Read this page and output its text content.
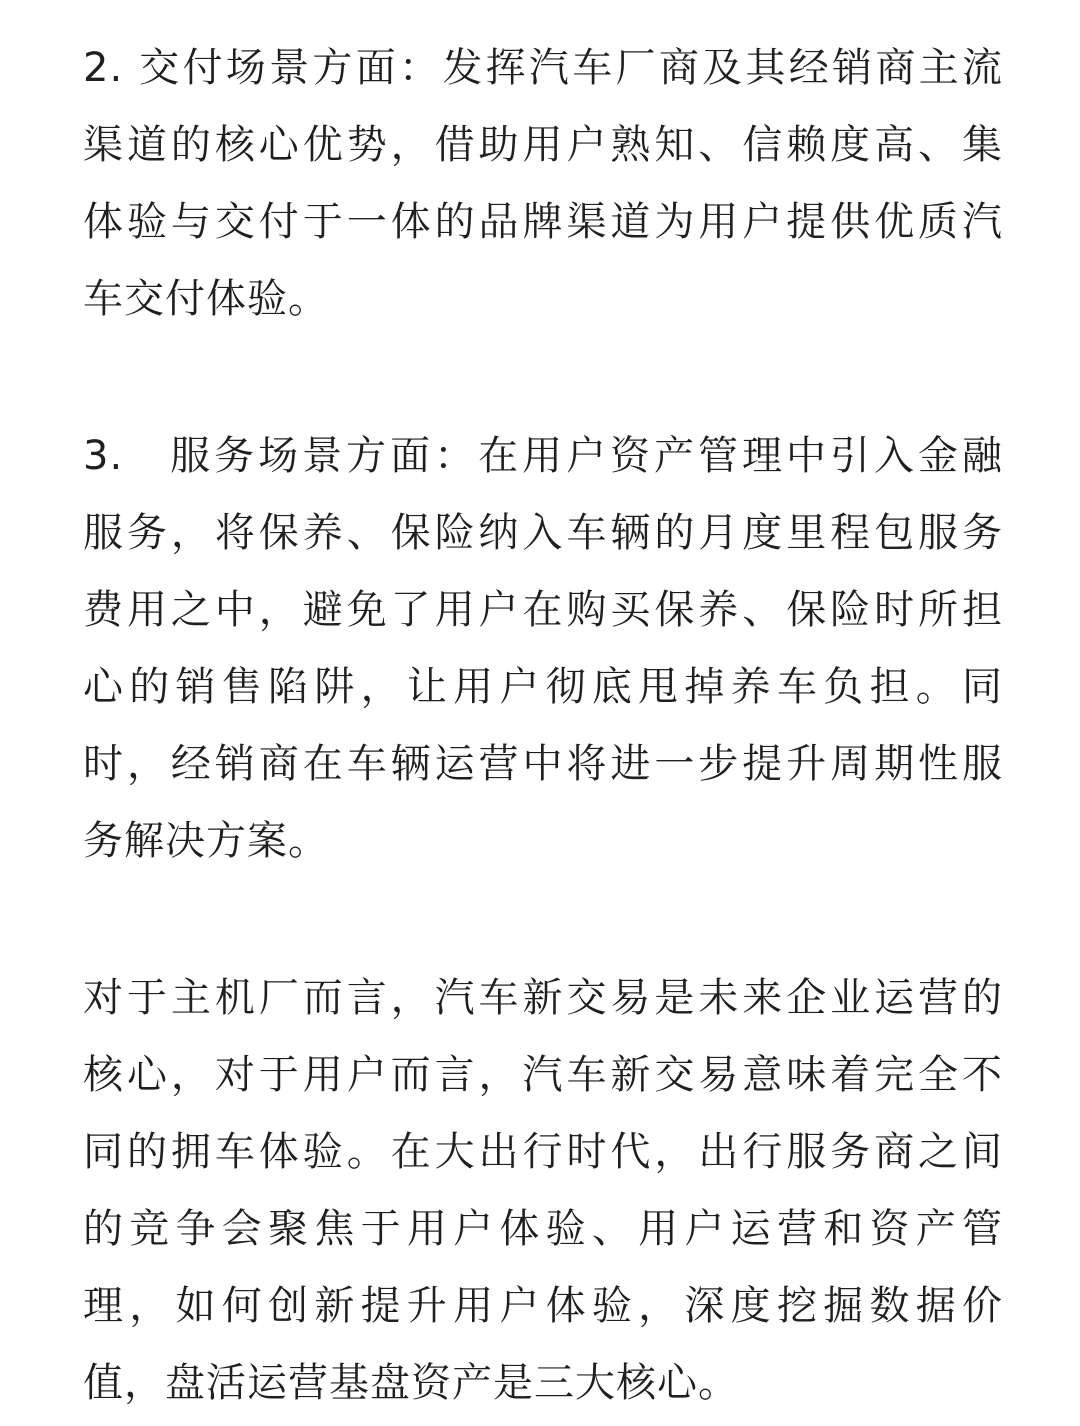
2. 交付场景方面：发挥汽车厂商及其经销商主流
渠道的核心优势，借助用户熟知、信赖度高、集
体验与交付于一体的品牌渠道为用户提供优质汽
车交付体验。
3.　服务场景方面：在用户资产管理中引入金融
服务，将保养、保险纳入车辆的月度里程包服务
费用之中，避免了用户在购买保养、保险时所担
心的销售陷阱，让用户彻底甩掉养车负担。同
时，经销商在车辆运营中将进一步提升周期性服
务解决方案。
对于主机厂而言，汽车新交易是未来企业运营的
核心，对于用户而言，汽车新交易意味着完全不
同的拥车体验。在大出行时代，出行服务商之间
的竞争会聚焦于用户体验、用户运营和资产管
理，如何创新提升用户体验，深度挖掘数据价
值，盘活运营基盘资产是三大核心。
